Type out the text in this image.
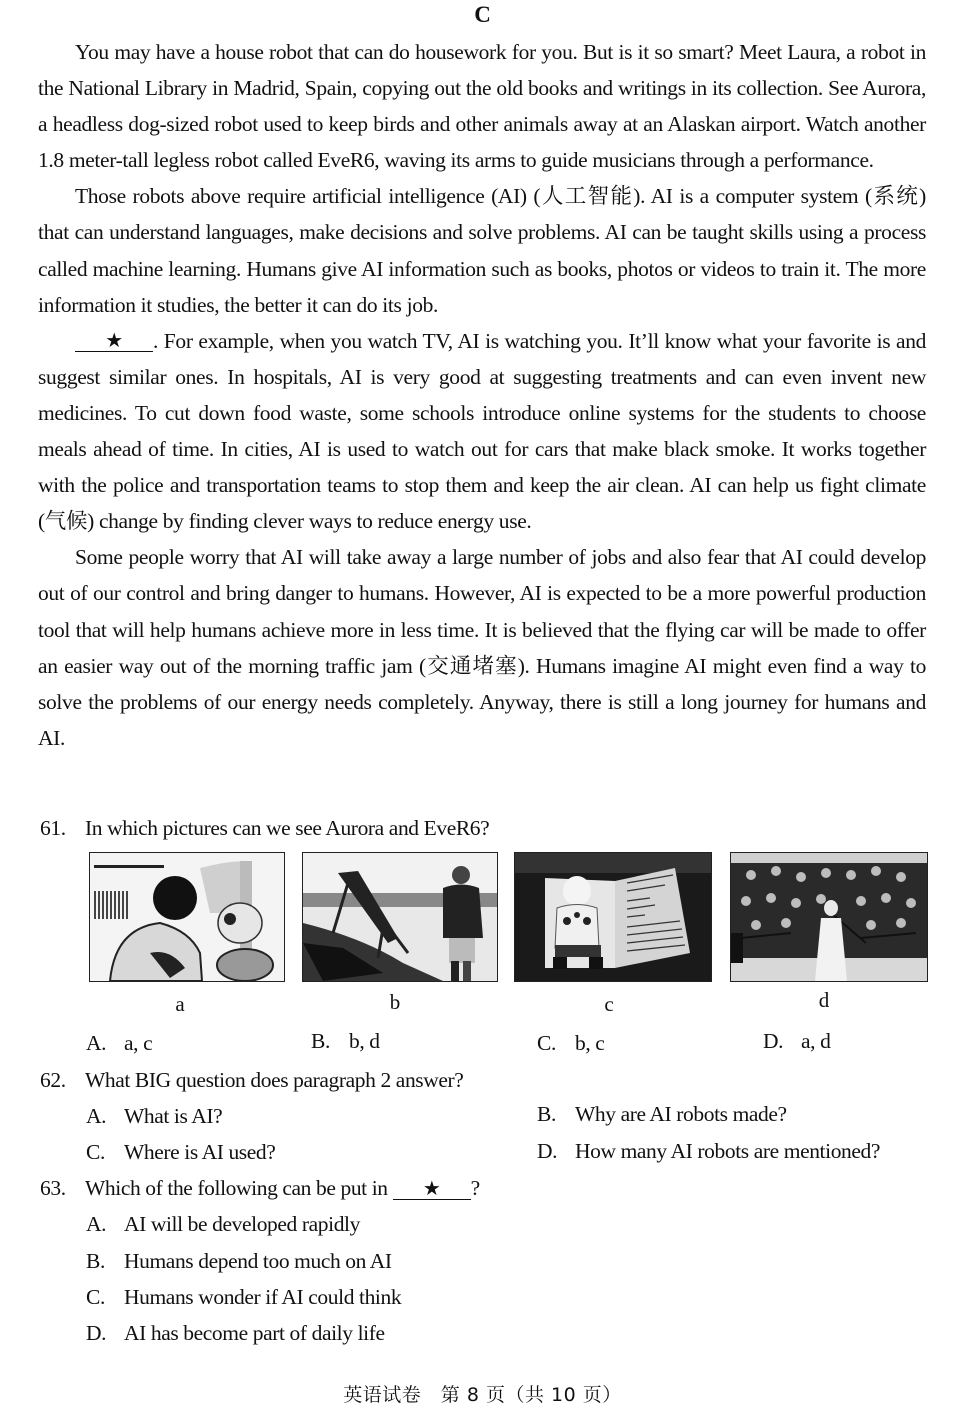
C

You may have a house robot that can do housework for you. But is it so smart? Meet Laura, a robot in the National Library in Madrid, Spain, copying out the old books and writings in its collection. See Aurora, a headless dog-sized robot used to keep birds and other animals away at an Alaskan airport. Watch another 1.8 meter-tall legless robot called EveR6, waving its arms to guide musicians through a performance.

Those robots above require artificial intelligence (AI) (人工智能). AI is a computer system (系统) that can understand languages, make decisions and solve problems. AI can be taught skills using a process called machine learning. Humans give AI information such as books, photos or videos to train it. The more information it studies, the better it can do its job.

★ . For example, when you watch TV, AI is watching you. It’ll know what your favorite is and suggest similar ones. In hospitals, AI is very good at suggesting treatments and can even invent new medicines. To cut down food waste, some schools introduce online systems for the students to choose meals ahead of time. In cities, AI is used to watch out for cars that make black smoke. It works together with the police and transportation teams to stop them and keep the air clean. AI can help us fight climate (气候) change by finding clever ways to reduce energy use.

Some people worry that AI will take away a large number of jobs and also fear that AI could develop out of our control and bring danger to humans. However, AI is expected to be a more powerful production tool that will help humans achieve more in less time. It is believed that the flying car will be made to offer an easier way out of the morning traffic jam (交通堵塞). Humans imagine AI might even find a way to solve the problems of our energy needs completely. Anyway, there is still a long journey for humans and AI.

61. In which pictures can we see Aurora and EveR6?
a	b	c	d
A. a, c	B. b, d	C. b, c	D. a, d
62. What BIG question does paragraph 2 answer?
A. What is AI?	B. Why are AI robots made?
C. Where is AI used?	D. How many AI robots are mentioned?
63. Which of the following can be put in ★ ?
A. AI will be developed rapidly
B. Humans depend too much on AI
C. Humans wonder if AI could think
D. AI has become part of daily life
英语试卷　第 8 页（共 10 页）
